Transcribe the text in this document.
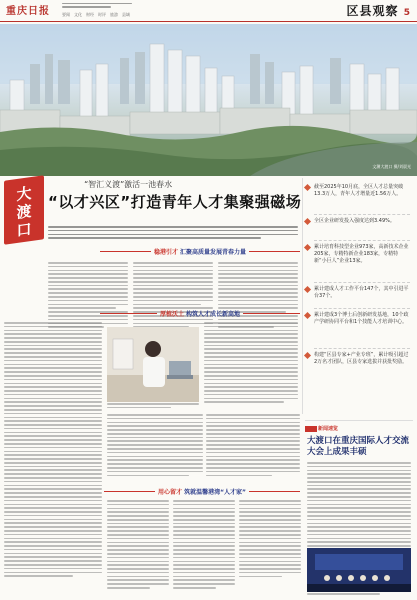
重庆日报	要闻 文化 财经 时评 旅游 县域	区县观察 5
文渊大渡口 摄/刘晨光
大
渡
口
“智汇义渡”激活一池春水
“以才兴区”打造青年人才集聚强磁场
截至2025年10月底，全区人才总量突破13.3万人，青年人才增量近1.56万人。
全区企业研发投入强度达到3.49%。
累计培育科技型企业973家，高新技术企业205家，专精特新企业183家，专精特新“小巨人”企业13家。
累计建成人才工作平台147个，其中引进平台37个。
累计建成3个博士后创新研发基地，10个政产学研协同平台和1个技能人才培训中心。
构建“区县专家+产业专班”，累计吸引超过2万名才团队，区县专家选拔并获批奖励。
稳港引才 汇聚高质量发展青春力量
厚植沃土 构筑人才成长新高地
用心留才 筑就温馨港湾“人才家”
新闻速览
大渡口在重庆国际人才交流大会上成果丰硕
